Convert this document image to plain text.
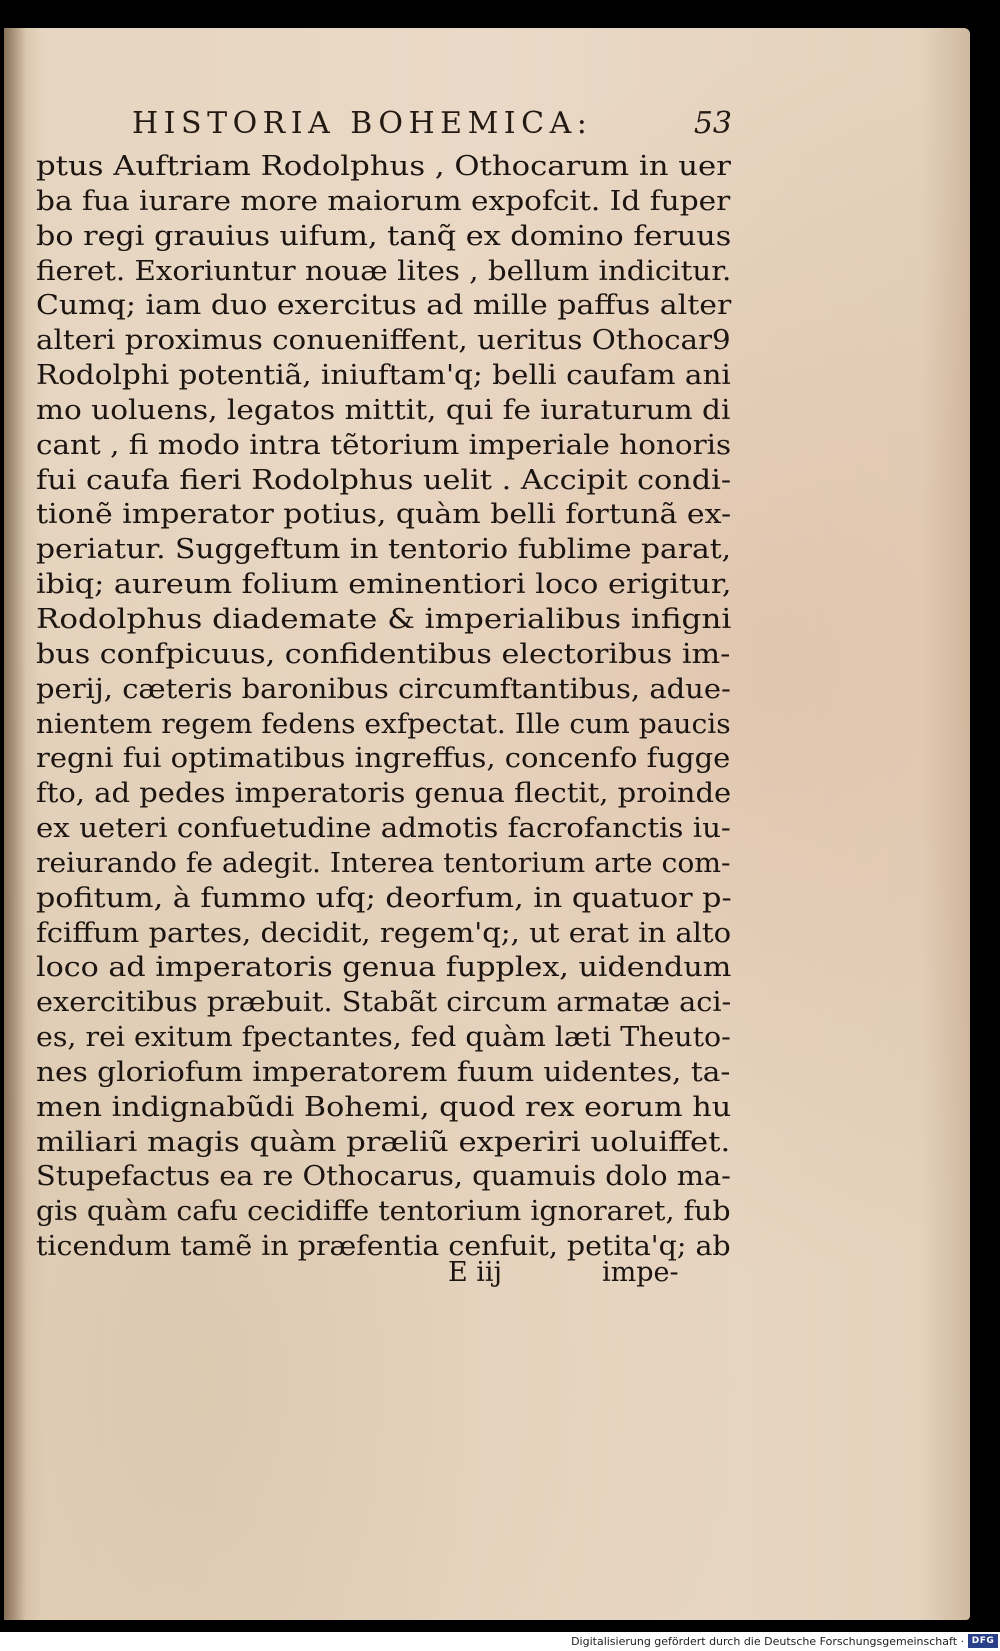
HISTORIA BOHEMICA:	53
ptus Auftriam Rodolphus , Othocarum in uer
ba fua iurare more maiorum expofcit. Id fuper
bo regi grauius uifum, tanq̃ ex domino feruus
fieret. Exoriuntur nouæ lites , bellum indicitur.
Cumq; iam duo exercitus ad mille paffus alter
alteri proximus conueniffent, ueritus Othocar9
Rodolphi potentiã, iniuftam'q; belli caufam ani
mo uoluens, legatos mittit, qui fe iuraturum di
cant , fi modo intra tẽtorium imperiale honoris
fui caufa fieri Rodolphus uelit . Accipit condi-
tionẽ imperator potius, quàm belli fortunã ex-
periatur. Suggeftum in tentorio fublime parat,
ibiq; aureum folium eminentiori loco erigitur,
Rodolphus diademate & imperialibus infigni
bus confpicuus, confidentibus electoribus im-
perij, cæteris baronibus circumftantibus, adue-
nientem regem fedens exfpectat. Ille cum paucis
regni fui optimatibus ingreffus, concenfo fugge
fto, ad pedes imperatoris genua flectit, proinde
ex ueteri confuetudine admotis facrofanctis iu-
reiurando fe adegit. Interea tentorium arte com-
pofitum, à fummo ufq; deorfum, in quatuor p-
fciffum partes, decidit, regem'q;, ut erat in alto
loco ad imperatoris genua fupplex, uidendum
exercitibus præbuit. Stabãt circum armatæ aci-
es, rei exitum fpectantes, fed quàm læti Theuto-
nes gloriofum imperatorem fuum uidentes, ta-
men indignabũdi Bohemi, quod rex eorum hu
miliari magis quàm præliũ experiri uoluiffet.
Stupefactus ea re Othocarus, quamuis dolo ma-
gis quàm cafu cecidiffe tentorium ignoraret, fub
ticendum tamẽ in præfentia cenfuit, petita'q; ab
E iij	impe-
Digitalisierung gefördert durch die Deutsche Forschungsgemeinschaft · DFG
